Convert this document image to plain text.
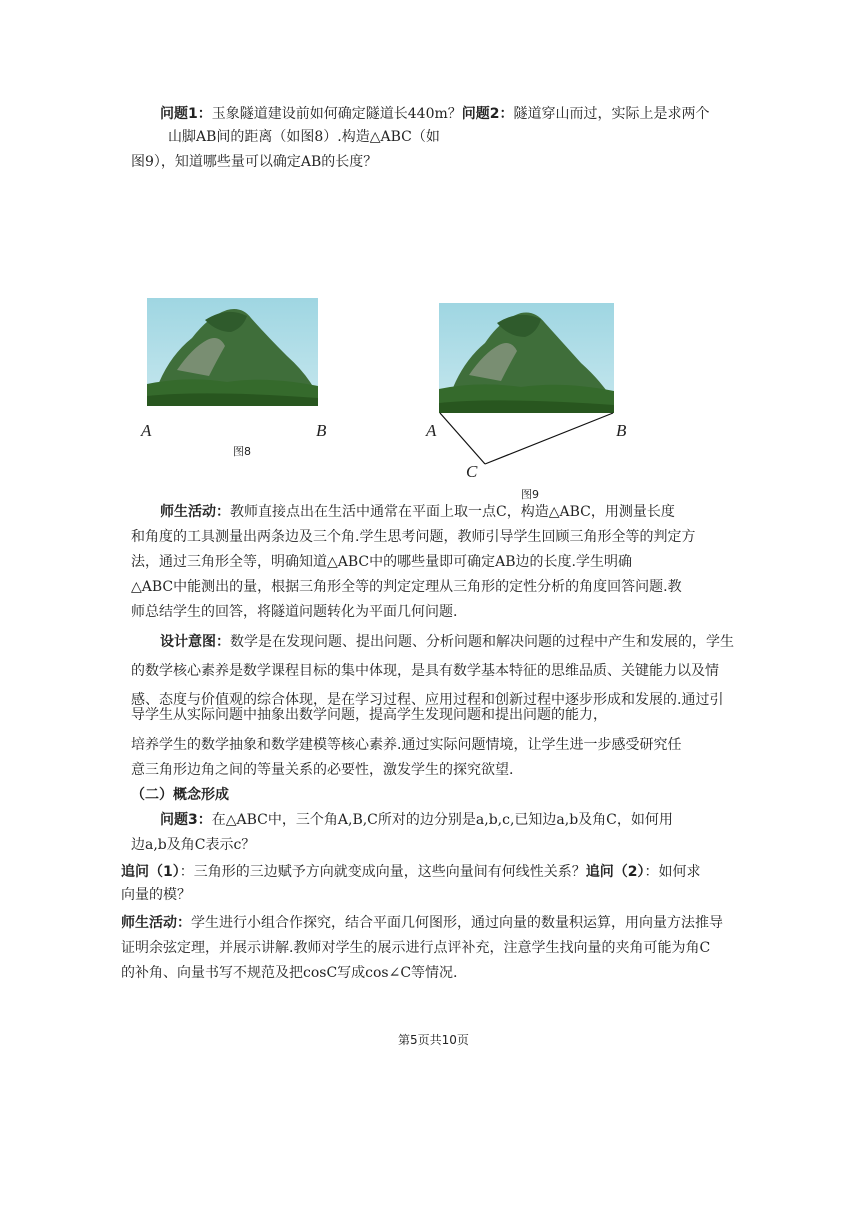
问题1：玉象隧道建设前如何确定隧道长440m？问题2：隧道穿山而过，实际上是求两个
山脚AB间的距离（如图8）.构造△ABC（如
图9），知道哪些量可以确定AB的长度？
A	B
图8
A	B
C
图9
师生活动：教师直接点出在生活中通常在平面上取一点C，构造△ABC，用测量长度
和角度的工具测量出两条边及三个角.学生思考问题，教师引导学生回顾三角形全等的判定方
法，通过三角形全等，明确知道△ABC中的哪些量即可确定AB边的长度.学生明确
△ABC中能测出的量，根据三角形全等的判定定理从三角形的定性分析的角度回答问题.教
师总结学生的回答，将隧道问题转化为平面几何问题.
设计意图：数学是在发现问题、提出问题、分析问题和解决问题的过程中产生和发展的，学生
的数学核心素养是数学课程目标的集中体现，是具有数学基本特征的思维品质、关键能力以及情
感、态度与价值观的综合体现，是在学习过程、应用过程和创新过程中逐步形成和发展的.通过引
导学生从实际问题中抽象出数学问题，提高学生发现问题和提出问题的能力，
培养学生的数学抽象和数学建模等核心素养.通过实际问题情境，让学生进一步感受研究任
意三角形边角之间的等量关系的必要性，激发学生的探究欲望.
（二）概念形成
问题3：在△ABC中，三个角A,B,C所对的边分别是a,b,c,已知边a,b及角C，如何用
边a,b及角C表示c？
追问（1）：三角形的三边赋予方向就变成向量，这些向量间有何线性关系？追问（2）：如何求
向量的模？
师生活动：学生进行小组合作探究，结合平面几何图形，通过向量的数量积运算，用向量方法推导
证明余弦定理，并展示讲解.教师对学生的展示进行点评补充，注意学生找向量的夹角可能为角C
的补角、向量书写不规范及把cosC写成cos∠C等情况.
第5页共10页
